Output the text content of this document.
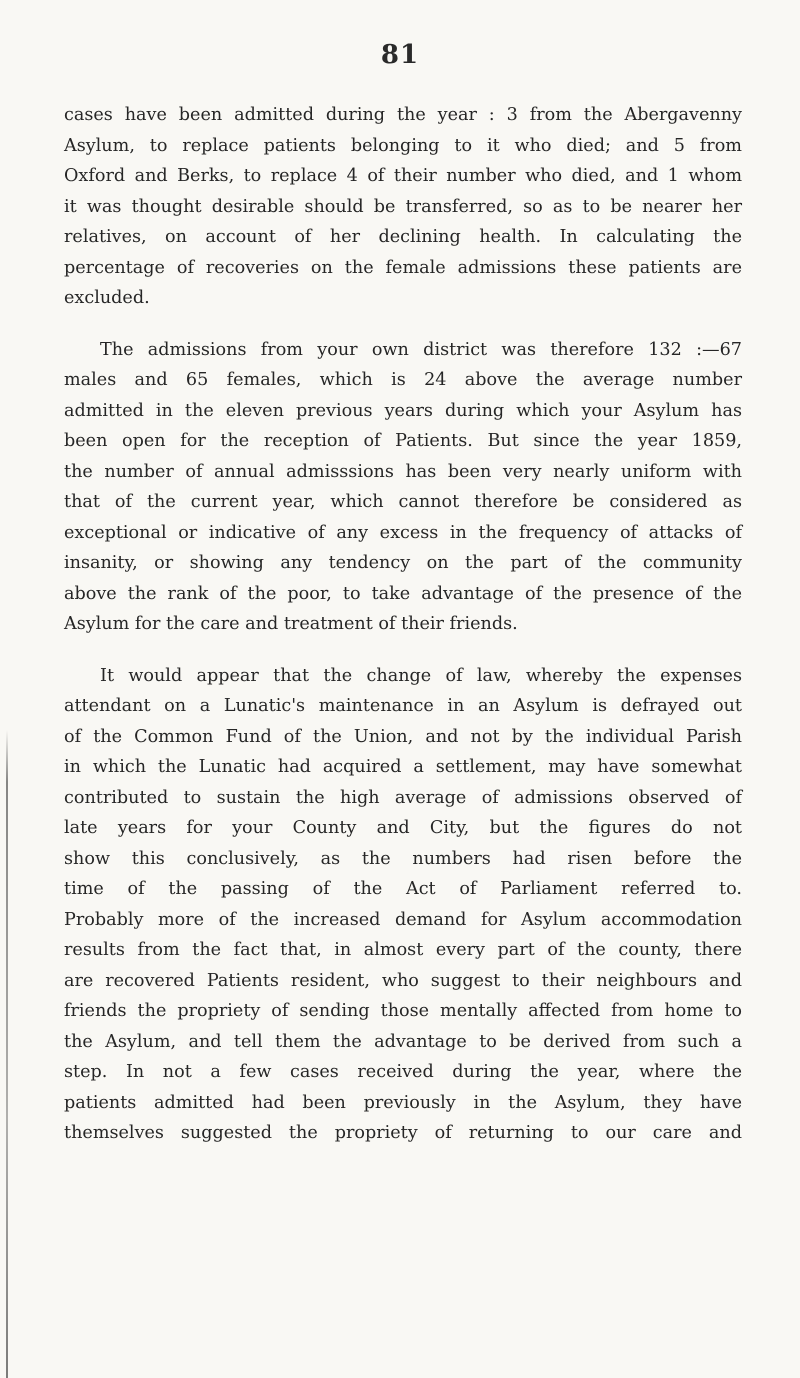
81
cases have been admitted during the year : 3 from the Abergavenny
Asylum, to replace patients belonging to it who died; and 5 from
Oxford and Berks, to replace 4 of their number who died, and 1 whom
it was thought desirable should be transferred, so as to be nearer her
relatives, on account of her declining health. In calculating the
percentage of recoveries on the female admissions these patients are
excluded.
The admissions from your own district was therefore 132 :—67
males and 65 females, which is 24 above the average number
admitted in the eleven previous years during which your Asylum has
been open for the reception of Patients. But since the year 1859,
the number of annual admisssions has been very nearly uniform with
that of the current year, which cannot therefore be considered as
exceptional or indicative of any excess in the frequency of attacks of
insanity, or showing any tendency on the part of the community
above the rank of the poor, to take advantage of the presence of the
Asylum for the care and treatment of their friends.
It would appear that the change of law, whereby the expenses
attendant on a Lunatic's maintenance in an Asylum is defrayed out
of the Common Fund of the Union, and not by the individual Parish
in which the Lunatic had acquired a settlement, may have somewhat
contributed to sustain the high average of admissions observed of
late years for your County and City, but the figures do not
show this conclusively, as the numbers had risen before the
time of the passing of the Act of Parliament referred to.
Probably more of the increased demand for Asylum accommodation
results from the fact that, in almost every part of the county, there
are recovered Patients resident, who suggest to their neighbours and
friends the propriety of sending those mentally affected from home to
the Asylum, and tell them the advantage to be derived from such a
step. In not a few cases received during the year, where the
patients admitted had been previously in the Asylum, they have
themselves suggested the propriety of returning to our care and
